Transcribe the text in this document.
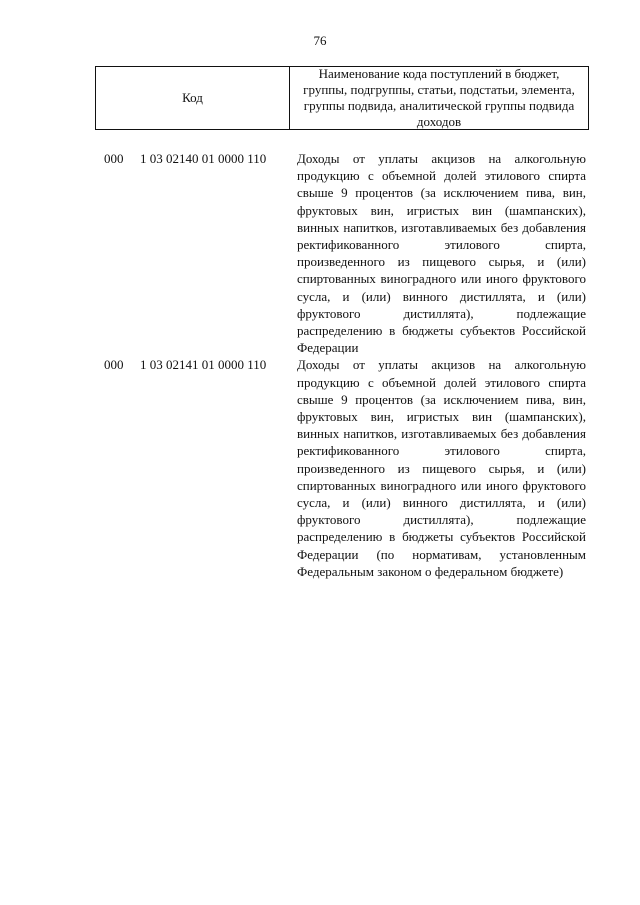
76
Код
Наименование кода поступлений в бюджет, группы, подгруппы, статьи, подстатьи, элемента, группы подвида, аналитической группы подвида доходов
000 1 03 02140 01 0000 110 Доходы от уплаты акцизов на алкогольную продукцию с объемной долей этилового спирта свыше 9 процентов (за исключением пива, вин, фруктовых вин, игристых вин (шампанских), винных напитков, изготавливаемых без добавления ректификованного этилового спирта, произведенного из пищевого сырья, и (или) спиртованных виноградного или иного фруктового сусла, и (или) винного дистиллята, и (или) фруктового дистиллята), подлежащие распределению в бюджеты субъектов Российской Федерации
000 1 03 02141 01 0000 110 Доходы от уплаты акцизов на алкогольную продукцию с объемной долей этилового спирта свыше 9 процентов (за исключением пива, вин, фруктовых вин, игристых вин (шампанских), винных напитков, изготавливаемых без добавления ректификованного этилового спирта, произведенного из пищевого сырья, и (или) спиртованных виноградного или иного фруктового сусла, и (или) винного дистиллята, и (или) фруктового дистиллята), подлежащие распределению в бюджеты субъектов Российской Федерации (по нормативам, установленным Федеральным законом о федеральном бюджете)
